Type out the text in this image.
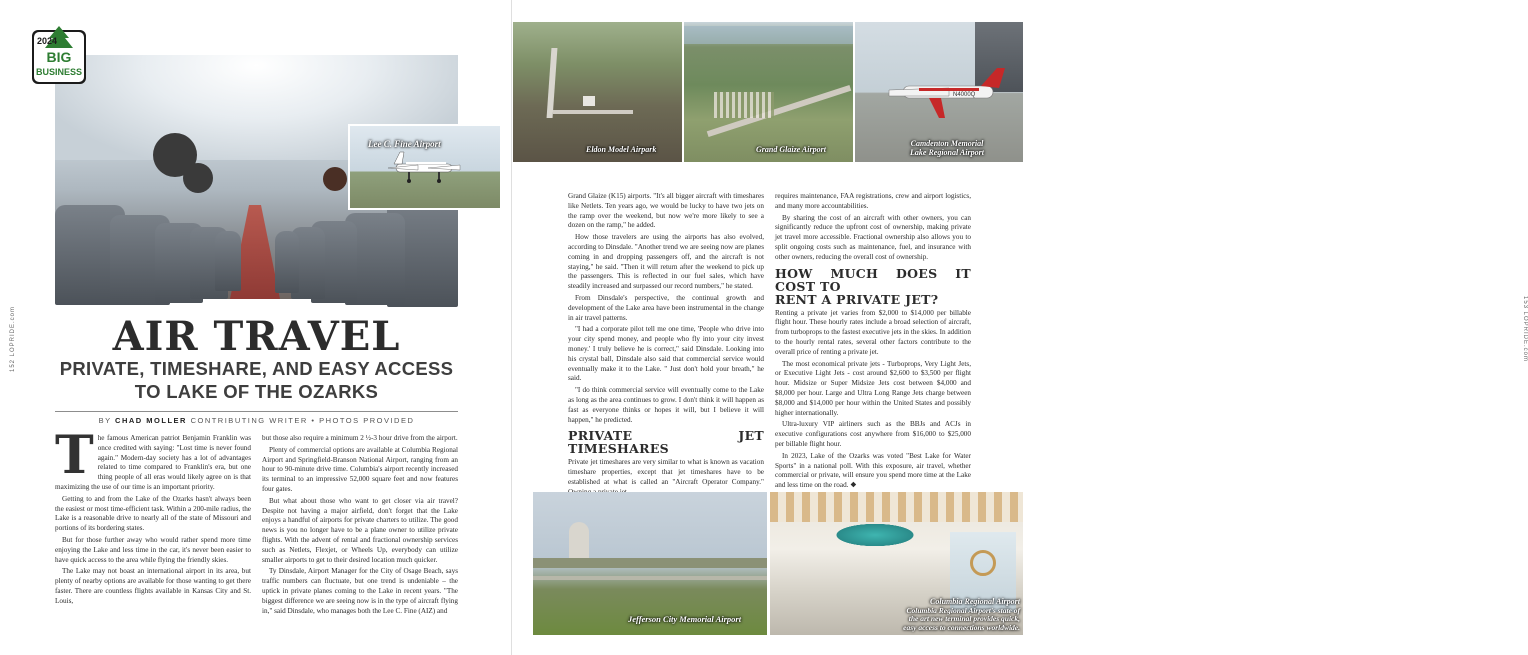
152 LOPRIDE.com
Lee C. Fine Airport
2024
BIG
BUSINESS
AIR TRAVEL
PRIVATE, TIMESHARE, AND EASY ACCESS
TO LAKE OF THE OZARKS
BY CHAD MOLLER CONTRIBUTING WRITER • PHOTOS PROVIDED

The famous American patriot Benjamin Franklin was once credited with saying: "Lost time is never found again." Modern-day society has a lot of advantages related to time compared to Franklin's era, but one thing people of all eras would likely agree on is that maximizing the use of our time is an important priority.

Getting to and from the Lake of the Ozarks hasn't always been the easiest or most time-efficient task. Within a 200-mile radius, the Lake is a reasonable drive to nearly all of the state of Missouri and portions of its bordering states.

But for those further away who would rather spend more time enjoying the Lake and less time in the car, it's never been easier to have quick access to the area while flying the friendly skies.

The Lake may not boast an international airport in its area, but plenty of nearby options are available for those wanting to get there faster. There are countless flights available in Kansas City and St. Louis,

but those also require a minimum 2 ½-3 hour drive from the airport.

Plenty of commercial options are available at Columbia Regional Airport and Springfield-Branson National Airport, ranging from an hour to 90-minute drive time. Columbia's airport recently increased its terminal to an impressive 52,000 square feet and now features four gates.

But what about those who want to get closer via air travel? Despite not having a major airfield, don't forget that the Lake enjoys a handful of airports for private charters to utilize. The good news is you no longer have to be a plane owner to utilize private flights. With the advent of rental and fractional ownership services such as Netlets, Flexjet, or Wheels Up, everybody can utilize smaller airports to get to their desired location much quicker.

Ty Dinsdale, Airport Manager for the City of Osage Beach, says traffic numbers can fluctuate, but one trend is undeniable – the uptick in private planes coming to the Lake in recent years. "The biggest difference we are seeing now is in the type of aircraft flying in," said Dinsdale, who manages both the Lee C. Fine (AIZ) and

153 LOPRIDE.com
Eldon Model Airpark	Grand Glaize Airport
N4000Q
Camdenton Memorial
Lake Regional Airport

Grand Glaize (K15) airports. "It's all bigger aircraft with timeshares like Netlets. Ten years ago, we would be lucky to have two jets on the ramp over the weekend, but now we're more likely to see a dozen on the ramp," he added.

How those travelers are using the airports has also evolved, according to Dinsdale. "Another trend we are seeing now are planes coming in and dropping passengers off, and the aircraft is not staying," he said. "Then it will return after the weekend to pick up the passengers. This is reflected in our fuel sales, which have steadily increased and surpassed our record numbers," he stated.

From Dinsdale's perspective, the continual growth and development of the Lake area have been instrumental in the change in air travel patterns.

"I had a corporate pilot tell me one time, 'People who drive into your city spend money, and people who fly into your city invest money.' I truly believe he is correct," said Dinsdale. Looking into his crystal ball, Dinsdale also said that commercial service would eventually make it to the Lake. " Just don't hold your breath," he said.

"I do think commercial service will eventually come to the Lake as long as the area continues to grow. I don't think it will happen as fast as everyone thinks or hopes it will, but I believe it will happen," he predicted.

PRIVATE JET TIMESHARES

Private jet timeshares are very similar to what is known as vacation timeshare properties, except that jet timeshares have to be established at what is called an "Aircraft Operator Company."

requires maintenance, FAA registrations, crew and airport logistics, and many more accountabilities.

By sharing the cost of an aircraft with other owners, you can significantly reduce the upfront cost of ownership, making private jet travel more accessible. Fractional ownership also allows you to split ongoing costs such as maintenance, fuel, and insurance with other owners, reducing the overall cost of ownership.

HOW MUCH DOES IT COST TO
RENT A PRIVATE JET?

Renting a private jet varies from $2,000 to $14,000 per billable flight hour. These hourly rates include a broad selection of aircraft, from turboprops to the fastest executive jets in the skies. In addition to the hourly rental rates, several other factors contribute to the overall price of renting a private jet.

The most economical private jets - Turboprops, Very Light Jets, or Executive Light Jets - cost around $2,600 to $3,500 per flight hour. Midsize or Super Midsize Jets cost between $4,000 and $8,000 per hour. Large and Ultra Long Range Jets charge between $8,000 and $14,000 per hour within the United States and possibly higher internationally.

Ultra-luxury VIP airliners such as the BBJs and ACJs in executive configurations cost anywhere from $16,000 to $25,000 per billable flight hour.

In 2023, Lake of the Ozarks was voted "Best Lake for Water Sports" in a national poll. With this exposure, air travel, whether commercial or private, will ensure you spend more time at the Lake and less time on the road. ❖

Jefferson City Memorial Airport
Columbia Regional Airport
Columbia Regional Airport's state of
the art new terminal provides quick,
easy access to connections worldwide.
